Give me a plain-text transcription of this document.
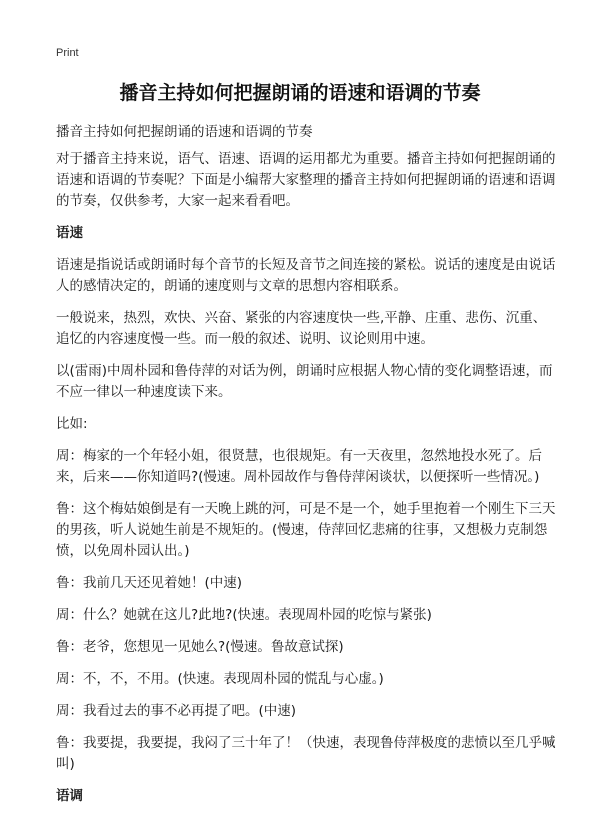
Print
播音主持如何把握朗诵的语速和语调的节奏

播音主持如何把握朗诵的语速和语调的节奏

对于播音主持来说，语气、语速、语调的运用都尤为重要。播音主持如何把握朗诵的语速和语调的节奏呢？下面是小编帮大家整理的播音主持如何把握朗诵的语速和语调的节奏，仅供参考，大家一起来看看吧。

语速

语速是指说话或朗诵时每个音节的长短及音节之间连接的紧松。说话的速度是由说话人的感情决定的，朗诵的速度则与文章的思想内容相联系。

一般说来，热烈，欢快、兴奋、紧张的内容速度快一些,平静、庄重、悲伤、沉重、追忆的内容速度慢一些。而一般的叙述、说明、议论则用中速。

以(雷雨)中周朴园和鲁侍萍的对话为例，朗诵时应根据人物心情的变化调整语速，而不应一律以一种速度读下来。

比如:

周：梅家的一个年轻小姐，很贤慧，也很规矩。有一天夜里，忽然地投水死了。后来，后来——你知道吗?(慢速。周朴园故作与鲁侍萍闲谈状，以便探听一些情况。)

鲁：这个梅姑娘倒是有一天晚上跳的河，可是不是一个，她手里抱着一个刚生下三天的男孩，听人说她生前是不规矩的。(慢速，侍萍回忆悲痛的往事，又想极力克制怨愤，以免周朴园认出。)

鲁：我前几天还见着她！(中速)

周：什么？她就在这儿?此地?(快速。表现周朴园的吃惊与紧张)

鲁：老爷，您想见一见她么?(慢速。鲁故意试探)

周：不，不，不用。(快速。表现周朴园的慌乱与心虚。)

周：我看过去的事不必再提了吧。(中速)

鲁：我要提，我要提，我闷了三十年了！（快速，表现鲁侍萍极度的悲愤以至几乎喊叫)

语调
